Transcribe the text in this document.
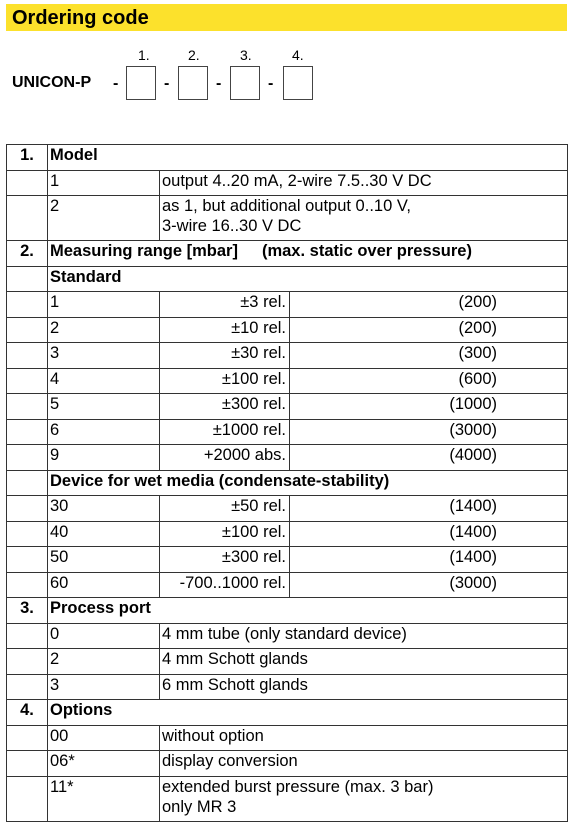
Ordering code
1.	2.	3.	4.
UNICON-P -	-	-	-
1.	Model		
	1	output 4..20 mA, 2-wire 7.5..30 V DC	
	2	as 1, but additional output 0..10 V,
3-wire 16..30 V DC	

2.	Measuring range [mbar] (max. static over pressure)		
	Standard		
	1	±3 rel.	(200)
	2	±10 rel.	(200)
	3	±30 rel.	(300)
	4	±100 rel.	(600)
	5	±300 rel.	(1000)
	6	±1000 rel.	(3000)
	9	+2000 abs.	(4000)
	Device for wet media (condensate-stability)		
	30	±50 rel.	(1400)
	40	±100 rel.	(1400)
	50	±300 rel.	(1400)
	60	-700..1000 rel.	(3000)
3.	Process port		
	0	4 mm tube (only standard device)	
	2	4 mm Schott glands	
	3	6 mm Schott glands	
4.	Options		
	00	without option	
	06*	display conversion	
	11*	extended burst pressure (max. 3 bar)
only MR 3	
